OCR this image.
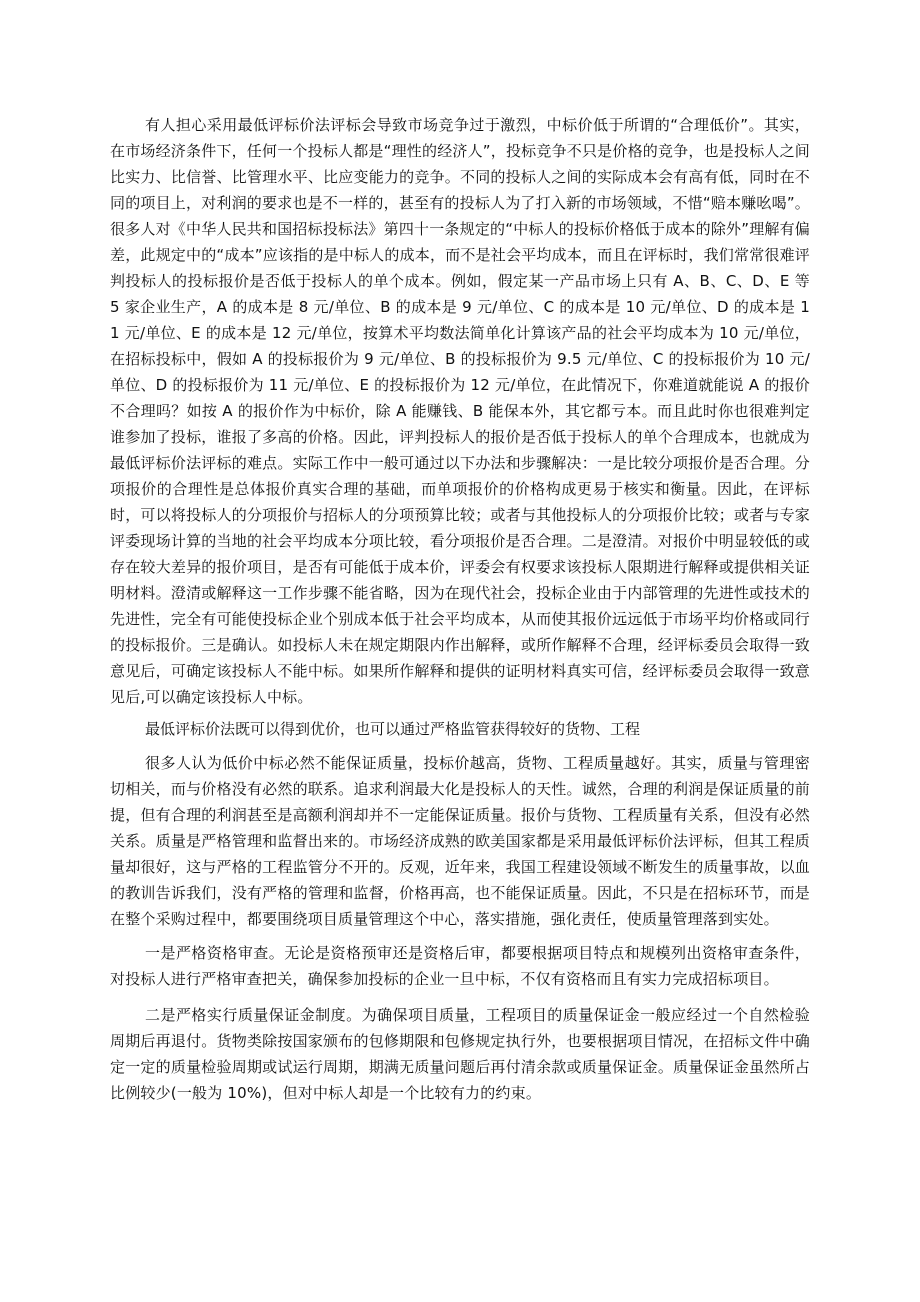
有人担心采用最低评标价法评标会导致市场竞争过于激烈，中标价低于所谓的“合理低价”。其实，在市场经济条件下，任何一个投标人都是“理性的经济人”，投标竞争不只是价格的竞争，也是投标人之间比实力、比信誉、比管理水平、比应变能力的竞争。不同的投标人之间的实际成本会有高有低，同时在不同的项目上，对利润的要求也是不一样的，甚至有的投标人为了打入新的市场领域，不惜“赔本赚吆喝”。很多人对《中华人民共和国招标投标法》第四十一条规定的“中标人的投标价格低于成本的除外”理解有偏差，此规定中的“成本”应该指的是中标人的成本，而不是社会平均成本，而且在评标时，我们常常很难评判投标人的投标报价是否低于投标人的单个成本。例如，假定某一产品市场上只有 A、B、C、D、E 等 5 家企业生产，A 的成本是 8 元/单位、B 的成本是 9 元/单位、C 的成本是 10 元/单位、D 的成本是 11 元/单位、E 的成本是 12 元/单位，按算术平均数法简单化计算该产品的社会平均成本为 10 元/单位，在招标投标中，假如 A 的投标报价为 9 元/单位、B 的投标报价为 9.5 元/单位、C 的投标报价为 10 元/单位、D 的投标报价为 11 元/单位、E 的投标报价为 12 元/单位，在此情况下，你难道就能说 A 的报价不合理吗？如按 A 的报价作为中标价，除 A 能赚钱、B 能保本外，其它都亏本。而且此时你也很难判定谁参加了投标，谁报了多高的价格。因此，评判投标人的报价是否低于投标人的单个合理成本，也就成为最低评标价法评标的难点。实际工作中一般可通过以下办法和步骤解决：一是比较分项报价是否合理。分项报价的合理性是总体报价真实合理的基础，而单项报价的价格构成更易于核实和衡量。因此，在评标时，可以将投标人的分项报价与招标人的分项预算比较；或者与其他投标人的分项报价比较；或者与专家评委现场计算的当地的社会平均成本分项比较，看分项报价是否合理。二是澄清。对报价中明显较低的或存在较大差异的报价项目，是否有可能低于成本价，评委会有权要求该投标人限期进行解释或提供相关证明材料。澄清或解释这一工作步骤不能省略，因为在现代社会，投标企业由于内部管理的先进性或技术的先进性，完全有可能使投标企业个别成本低于社会平均成本，从而使其报价远远低于市场平均价格或同行的投标报价。三是确认。如投标人未在规定期限内作出解释，或所作解释不合理，经评标委员会取得一致意见后，可确定该投标人不能中标。如果所作解释和提供的证明材料真实可信，经评标委员会取得一致意见后,可以确定该投标人中标。

最低评标价法既可以得到优价，也可以通过严格监管获得较好的货物、工程

很多人认为低价中标必然不能保证质量，投标价越高，货物、工程质量越好。其实，质量与管理密切相关，而与价格没有必然的联系。追求利润最大化是投标人的天性。诚然，合理的利润是保证质量的前提，但有合理的利润甚至是高额利润却并不一定能保证质量。报价与货物、工程质量有关系，但没有必然关系。质量是严格管理和监督出来的。市场经济成熟的欧美国家都是采用最低评标价法评标，但其工程质量却很好，这与严格的工程监管分不开的。反观，近年来，我国工程建设领域不断发生的质量事故，以血的教训告诉我们，没有严格的管理和监督，价格再高，也不能保证质量。因此，不只是在招标环节，而是在整个采购过程中，都要围绕项目质量管理这个中心，落实措施，强化责任，使质量管理落到实处。

一是严格资格审查。无论是资格预审还是资格后审，都要根据项目特点和规模列出资格审查条件，对投标人进行严格审查把关，确保参加投标的企业一旦中标，不仅有资格而且有实力完成招标项目。

二是严格实行质量保证金制度。为确保项目质量，工程项目的质量保证金一般应经过一个自然检验周期后再退付。货物类除按国家颁布的包修期限和包修规定执行外，也要根据项目情况，在招标文件中确定一定的质量检验周期或试运行周期，期满无质量问题后再付清余款或质量保证金。质量保证金虽然所占比例较少(一般为 10%)，但对中标人却是一个比较有力的约束。
